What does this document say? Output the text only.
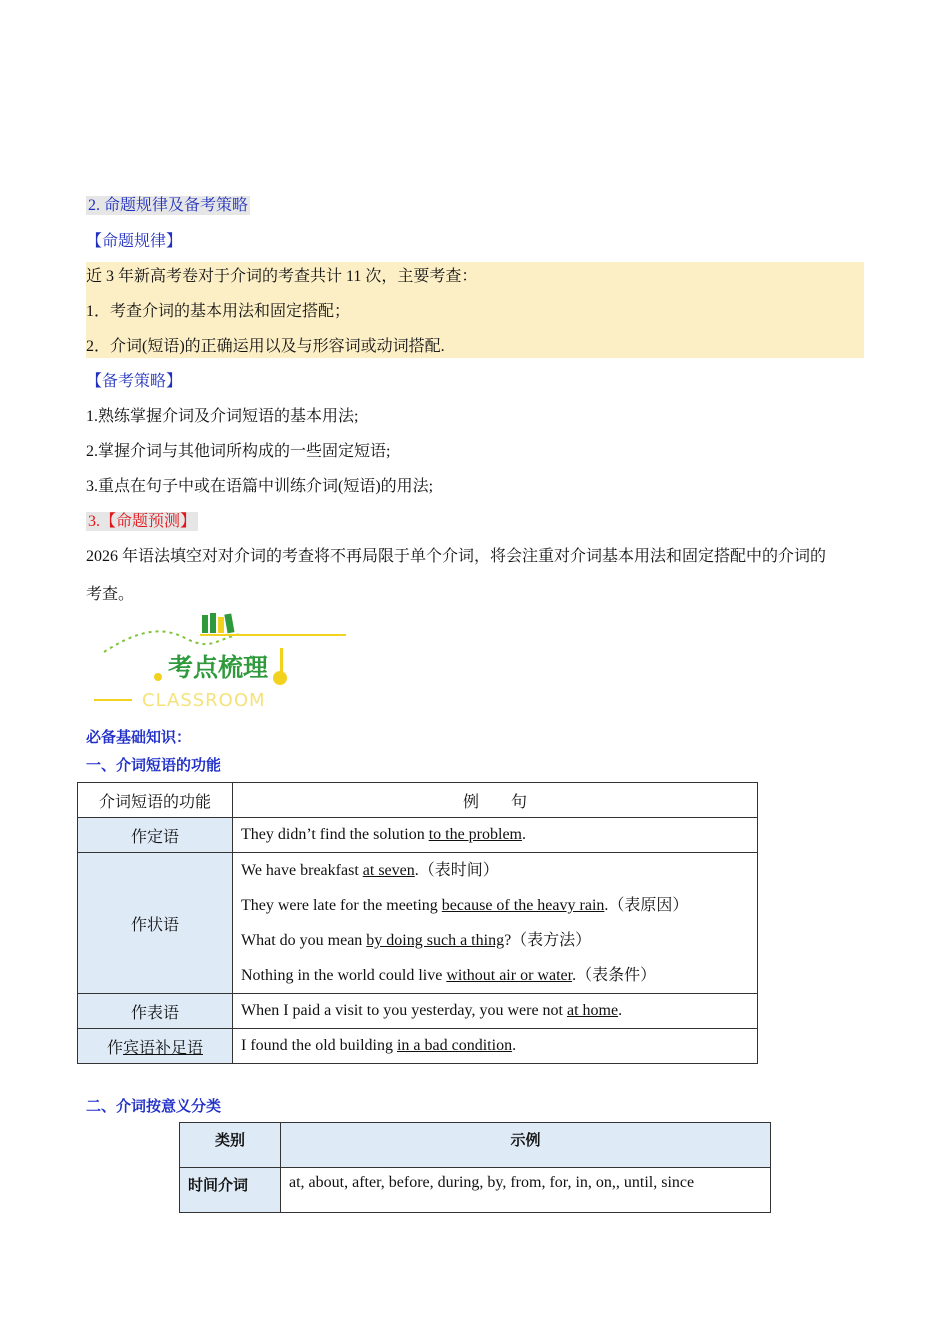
2. 命题规律及备考策略
【命题规律】
近 3 年新高考卷对于介词的考查共计 11 次，主要考查：
1．考查介词的基本用法和固定搭配；
2．介词(短语)的正确运用以及与形容词或动词搭配.
【备考策略】
1.熟练掌握介词及介词短语的基本用法;
2.掌握介词与其他词所构成的一些固定短语;
3.重点在句子中或在语篇中训练介词(短语)的用法;
3.【命题预测】
2026 年语法填空对对介词的考查将不再局限于单个介词，将会注重对介词基本用法和固定搭配中的介词的
考查。
考点梳理
CLASSROOM
必备基础知识：
一、介词短语的功能
介词短语的功能	例　　句
作定语	They didn’t find the solution to the problem.
作状语	We have breakfast at seven.（表时间）
They were late for the meeting because of the heavy rain.（表原因）
What do you mean by doing such a thing?（表方法）
Nothing in the world could live without air or water.（表条件）

作表语	When I paid a visit to you yesterday, you were not at home.
作宾语补足语	I found the old building in a bad condition.
二、介词按意义分类
类别	示例
时间介词	at, about, after, before, during, by, from, for, in, on,, until, since
